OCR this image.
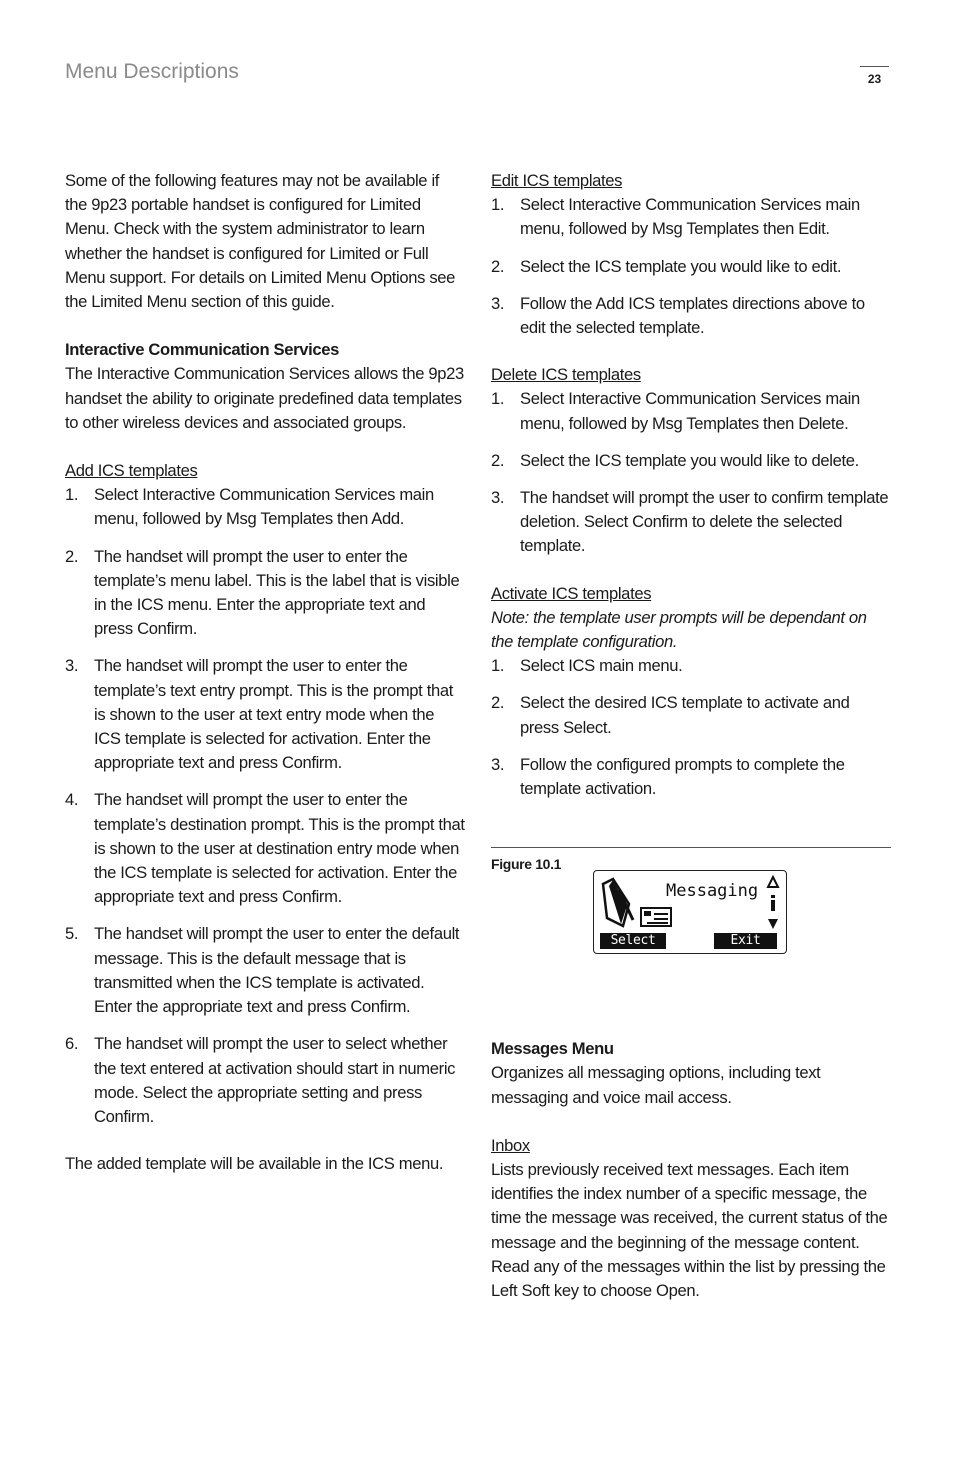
Menu Descriptions	23

Some of the following features may not be available if the 9p23 portable handset is configured for Limited Menu. Check with the system administrator to learn whether the handset is configured for Limited or Full Menu support. For details on Limited Menu Options see the Limited Menu section of this guide.

Interactive Communication Services

The Interactive Communication Services allows the 9p23 handset the ability to originate predefined data templates to other wireless devices and associated groups.

Add ICS templates

1. Select Interactive Communication Services main menu, followed by Msg Templates then Add.
2. The handset will prompt the user to enter the template’s menu label. This is the label that is visible in the ICS menu. Enter the appropriate text and press Confirm.
3. The handset will prompt the user to enter the template’s text entry prompt. This is the prompt that is shown to the user at text entry mode when the ICS template is selected for activation. Enter the appropriate text and press Confirm.
4. The handset will prompt the user to enter the template’s destination prompt. This is the prompt that is shown to the user at destination entry mode when the ICS template is selected for activation. Enter the appropriate text and press Confirm.
5. The handset will prompt the user to enter the default message. This is the default message that is transmitted when the ICS template is activated. Enter the appropriate text and press Confirm.
6. The handset will prompt the user to select whether the text entered at activation should start in numeric mode. Select the appropriate setting and press Confirm.

The added template will be available in the ICS menu.

Edit ICS templates

1. Select Interactive Communication Services main menu, followed by Msg Templates then Edit.
2. Select the ICS template you would like to edit.
3. Follow the Add ICS templates directions above to edit the selected template.

Delete ICS templates

1. Select Interactive Communication Services main menu, followed by Msg Templates then Delete.
2. Select the ICS template you would like to delete.
3. The handset will prompt the user to confirm template deletion. Select Confirm to delete the selected template.

Activate ICS templates

Note: the template user prompts will be dependant on the template configuration.

1. Select ICS main menu.
2. Select the desired ICS template to activate and press Select.
3. Follow the configured prompts to complete the template activation.
Figure 10.1
Messaging
Select	Exit

Messages Menu

Organizes all messaging options, including text messaging and voice mail access.

Inbox

Lists previously received text messages. Each item identifies the index number of a specific message, the time the message was received, the current status of the message and the beginning of the message content. Read any of the messages within the list by pressing the Left Soft key to choose Open.
